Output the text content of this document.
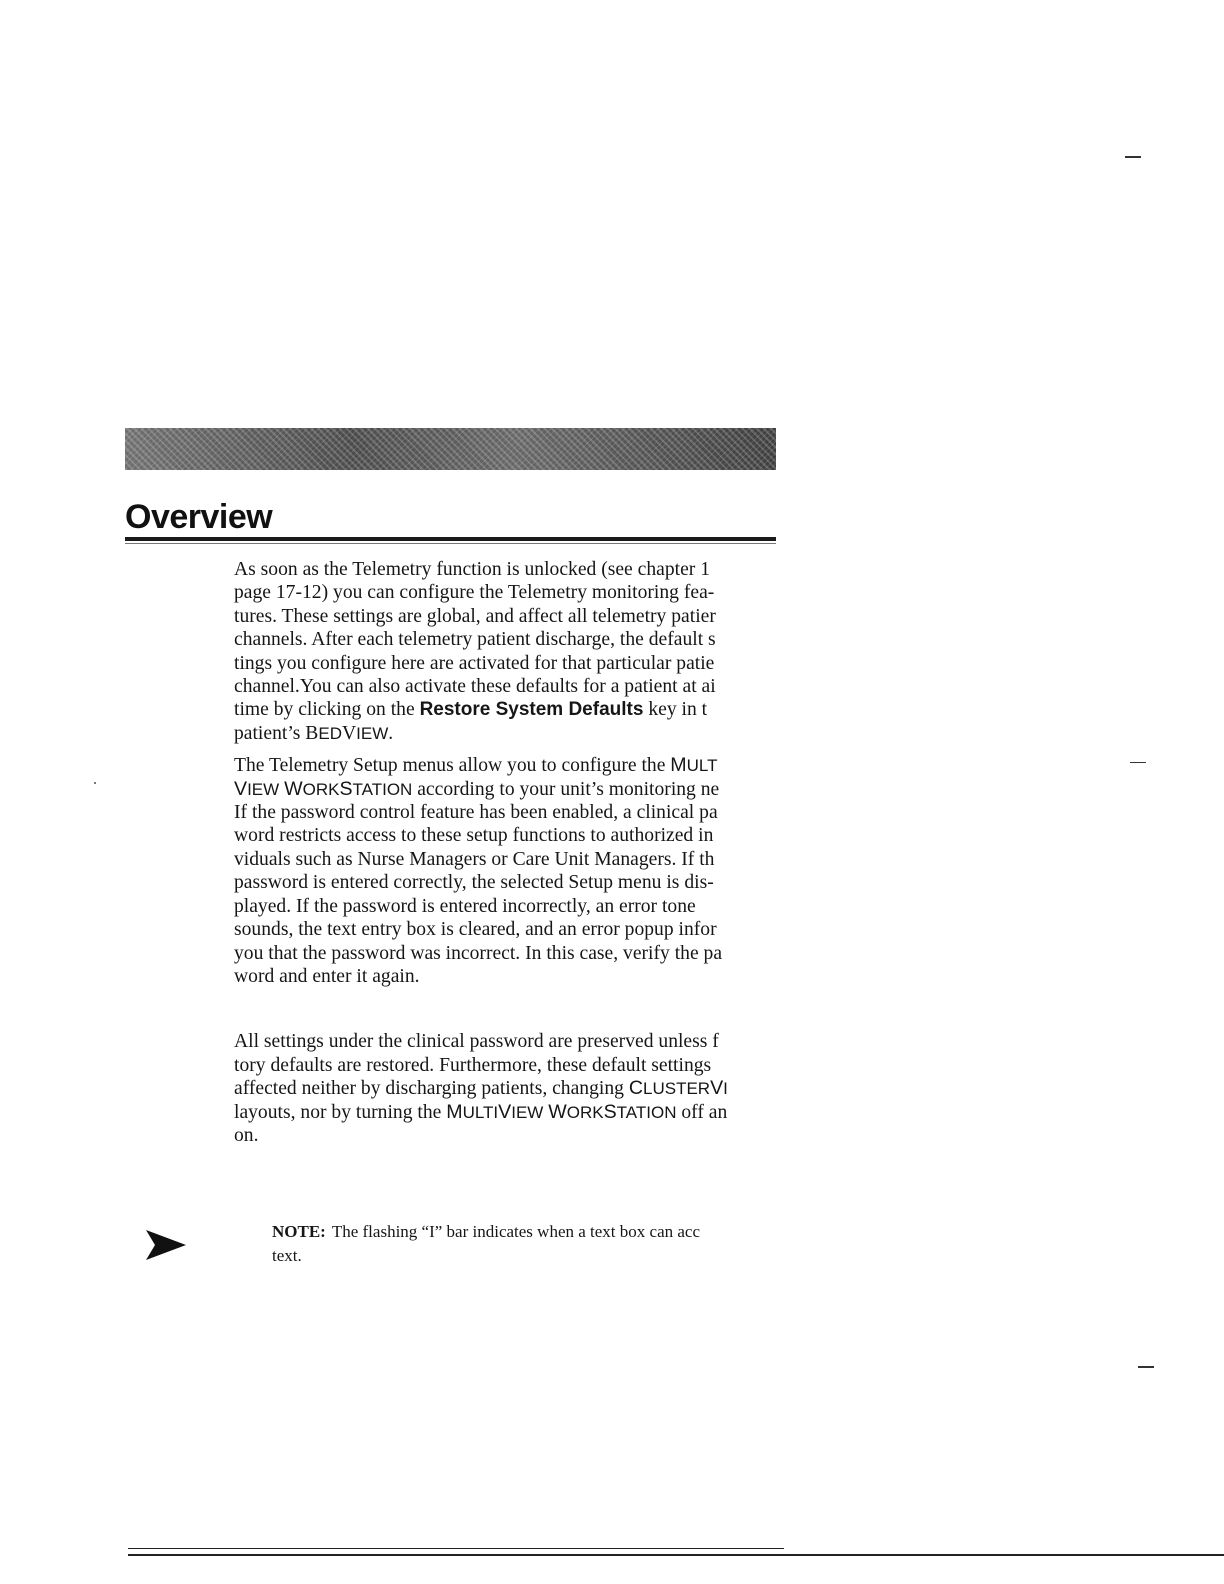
Overview

As soon as the Telemetry function is unlocked (see chapter 1
page 17-12) you can configure the Telemetry monitoring fea-
tures. These settings are global, and affect all telemetry patier
channels. After each telemetry patient discharge, the default s
tings you configure here are activated for that particular patie
channel.You can also activate these defaults for a patient at ai
time by clicking on the Restore System Defaults key in t
patient’s BEDVIEW.

The Telemetry Setup menus allow you to configure the MULT
VIEW WORKSTATION according to your unit’s monitoring ne
If the password control feature has been enabled, a clinical pa
word restricts access to these setup functions to authorized in
viduals such as Nurse Managers or Care Unit Managers. If th
password is entered correctly, the selected Setup menu is dis-
played. If the password is entered incorrectly, an error tone
sounds, the text entry box is cleared, and an error popup infor
you that the password was incorrect. In this case, verify the pa
word and enter it again.

All settings under the clinical password are preserved unless f
tory defaults are restored. Furthermore, these default settings
affected neither by discharging patients, changing CLUSTERVI
layouts, nor by turning the MULTIVIEW WORKSTATION off an
on.

NOTE: The flashing “I” bar indicates when a text box can acc
text.
